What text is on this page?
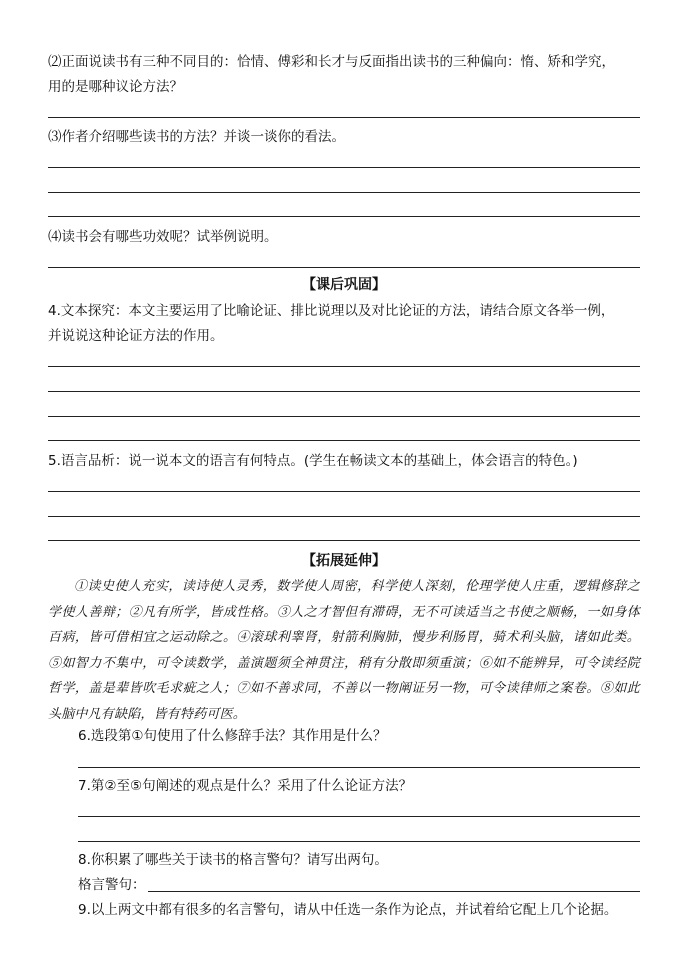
⑵正面说读书有三种不同目的：恰情、傅彩和长才与反面指出读书的三种偏向：惰、矫和学究，
用的是哪种议论方法？
⑶作者介绍哪些读书的方法？并谈一谈你的看法。
⑷读书会有哪些功效呢？试举例说明。
【课后巩固】
4.文本探究：本文主要运用了比喻论证、排比说理以及对比论证的方法，请结合原文各举一例，
并说说这种论证方法的作用。
5.语言品析：说一说本文的语言有何特点。(学生在畅读文本的基础上，体会语言的特色。)
【拓展延伸】
①读史使人充实，读诗使人灵秀，数学使人周密，科学使人深刻，伦理学使人庄重，逻辑修辞之学使人善辩；②凡有所学，皆成性格。③人之才智但有滞碍，无不可读适当之书使之顺畅，一如身体百病，皆可借相宜之运动除之。④滚球利睾肾，射箭利胸肺，慢步利肠胃，骑术利头脑，诸如此类。⑤如智力不集中，可令读数学，盖演题须全神贯注，稍有分散即须重演；⑥如不能辨异，可令读经院哲学，盖是辈皆吹毛求疵之人；⑦如不善求同，不善以一物阐证另一物，可令读律师之案卷。⑧如此头脑中凡有缺陷，皆有特药可医。
6.选段第①句使用了什么修辞手法？其作用是什么？
7.第②至⑤句阐述的观点是什么？采用了什么论证方法？
8.你积累了哪些关于读书的格言警句？请写出两句。
格言警句：
9.以上两文中都有很多的名言警句，请从中任选一条作为论点，并试着给它配上几个论据。
